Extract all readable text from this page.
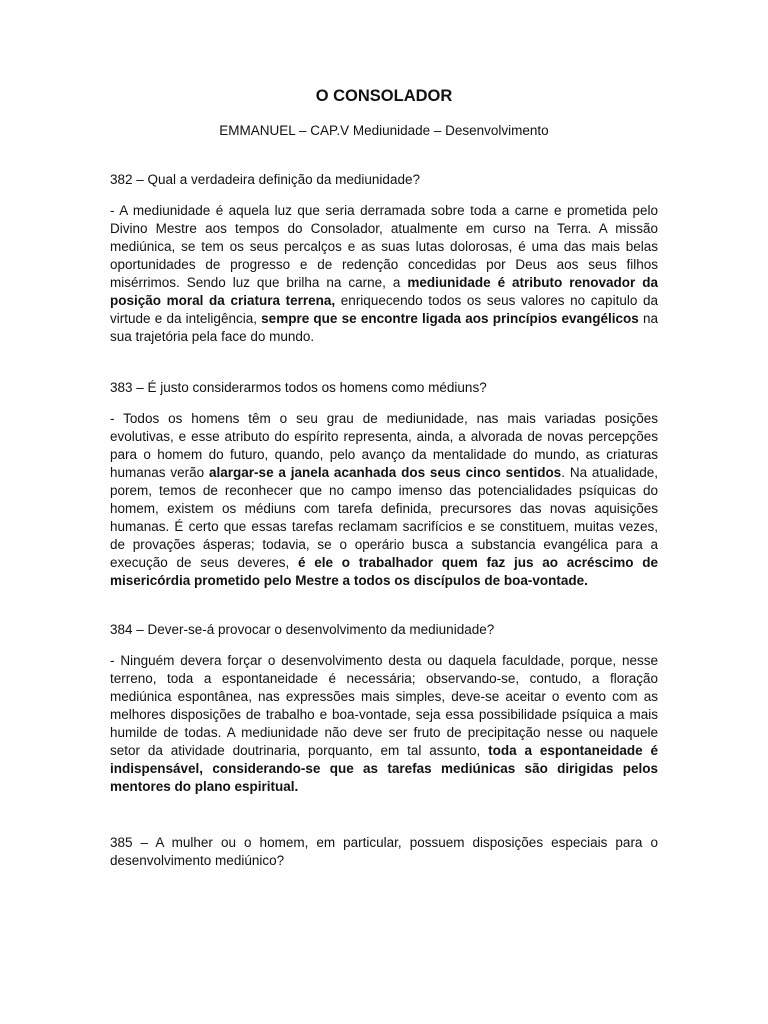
O CONSOLADOR

EMMANUEL – CAP.V Mediunidade – Desenvolvimento

382 – Qual a verdadeira definição da mediunidade?

- A mediunidade é aquela luz que seria derramada sobre toda a carne e prometida pelo Divino Mestre aos tempos do Consolador, atualmente em curso na Terra. A missão mediúnica, se tem os seus percalços e as suas lutas dolorosas, é uma das mais belas oportunidades de progresso e de redenção concedidas por Deus aos seus filhos misérrimos. Sendo luz que brilha na carne, a mediunidade é atributo renovador da posição moral da criatura terrena, enriquecendo todos os seus valores no capitulo da virtude e da inteligência, sempre que se encontre ligada aos princípios evangélicos na sua trajetória pela face do mundo.

383 – É justo considerarmos todos os homens como médiuns?

- Todos os homens têm o seu grau de mediunidade, nas mais variadas posições evolutivas, e esse atributo do espírito representa, ainda, a alvorada de novas percepções para o homem do futuro, quando, pelo avanço da mentalidade do mundo, as criaturas humanas verão alargar-se a janela acanhada dos seus cinco sentidos. Na atualidade, porem, temos de reconhecer que no campo imenso das potencialidades psíquicas do homem, existem os médiuns com tarefa definida, precursores das novas aquisições humanas. É certo que essas tarefas reclamam sacrifícios e se constituem, muitas vezes, de provações ásperas; todavia, se o operário busca a substancia evangélica para a execução de seus deveres, é ele o trabalhador quem faz jus ao acréscimo de misericórdia prometido pelo Mestre a todos os discípulos de boa-vontade.

384 – Dever-se-á provocar o desenvolvimento da mediunidade?

- Ninguém devera forçar o desenvolvimento desta ou daquela faculdade, porque, nesse terreno, toda a espontaneidade é necessária; observando-se, contudo, a floração mediúnica espontânea, nas expressões mais simples, deve-se aceitar o evento com as melhores disposições de trabalho e boa-vontade, seja essa possibilidade psíquica a mais humilde de todas. A mediunidade não deve ser fruto de precipitação nesse ou naquele setor da atividade doutrinaria, porquanto, em tal assunto, toda a espontaneidade é indispensável, considerando-se que as tarefas mediúnicas são dirigidas pelos mentores do plano espiritual.

385 – A mulher ou o homem, em particular, possuem disposições especiais para o desenvolvimento mediúnico?
